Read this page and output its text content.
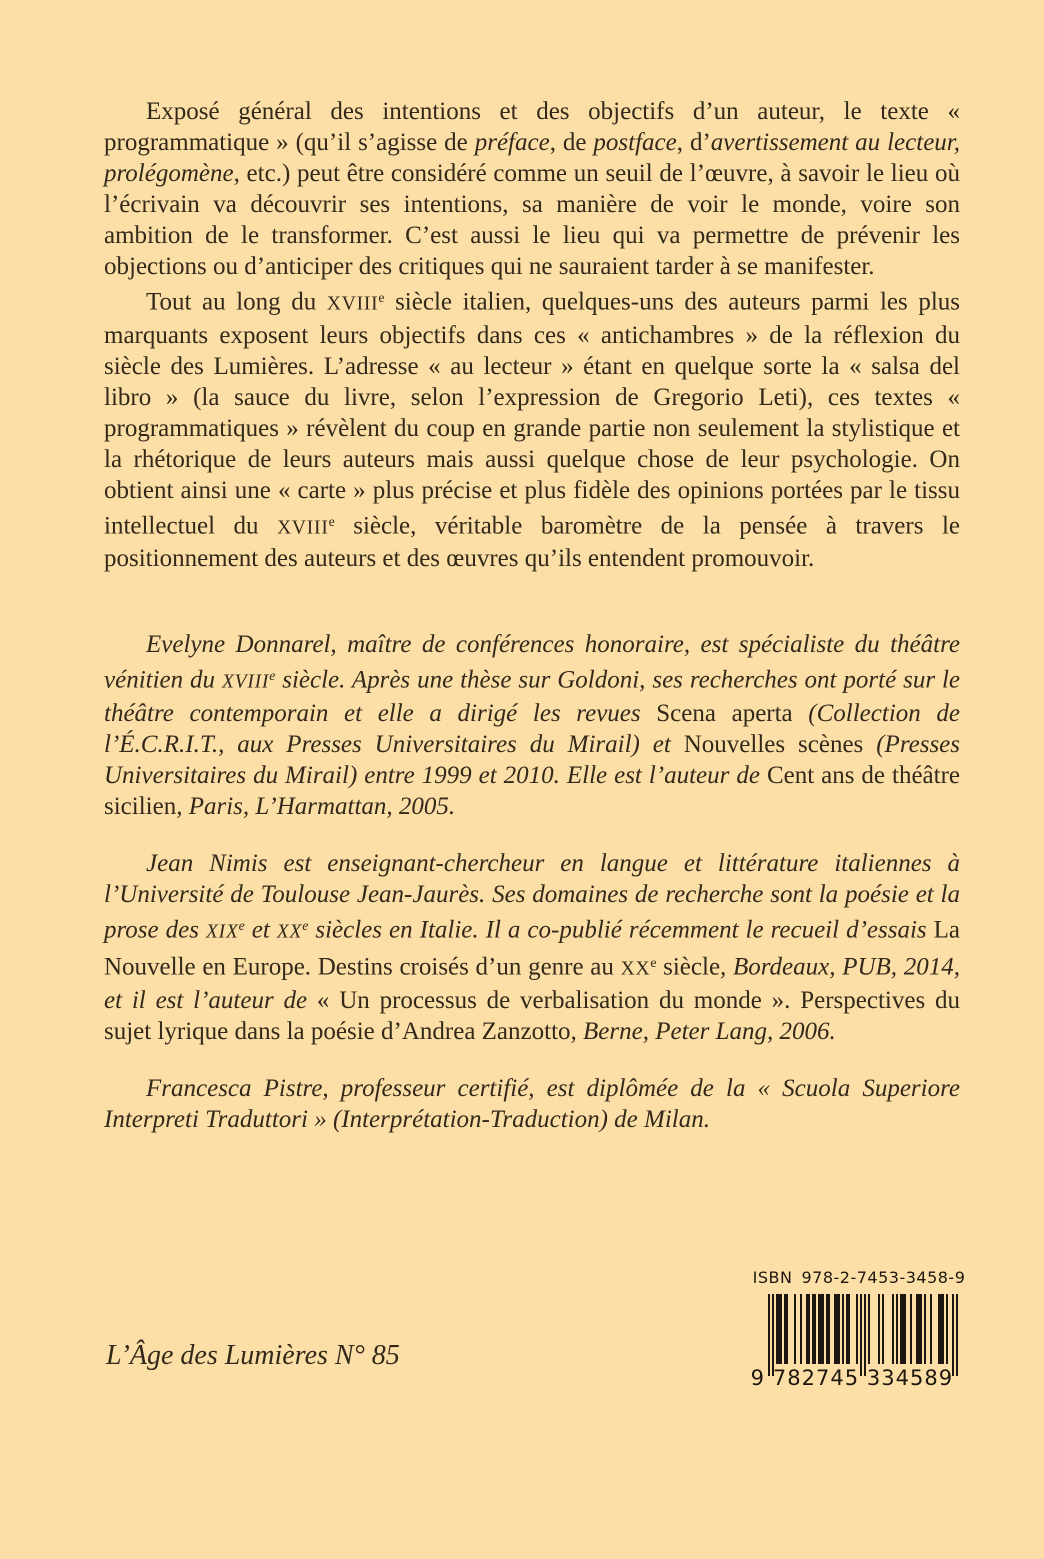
Exposé général des intentions et des objectifs d’un auteur, le texte « programmatique » (qu’il s’agisse de préface, de postface, d’avertissement au lecteur, prolégomène, etc.) peut être considéré comme un seuil de l’œuvre, à savoir le lieu où l’écrivain va découvrir ses intentions, sa manière de voir le monde, voire son ambition de le transformer. C’est aussi le lieu qui va permettre de prévenir les objections ou d’anticiper des critiques qui ne sauraient tarder à se manifester.

Tout au long du XVIIIe siècle italien, quelques-uns des auteurs parmi les plus marquants exposent leurs objectifs dans ces « antichambres » de la réflexion du siècle des Lumières. L’adresse « au lecteur » étant en quelque sorte la « salsa del libro » (la sauce du livre, selon l’expression de Gregorio Leti), ces textes « programmatiques » révèlent du coup en grande partie non seulement la stylistique et la rhétorique de leurs auteurs mais aussi quelque chose de leur psychologie. On obtient ainsi une « carte » plus précise et plus fidèle des opinions portées par le tissu intellectuel du XVIIIe siècle, véritable baromètre de la pensée à travers le positionnement des auteurs et des œuvres qu’ils entendent promouvoir.

Evelyne Donnarel, maître de conférences honoraire, est spécialiste du théâtre vénitien du XVIIIe siècle. Après une thèse sur Goldoni, ses recherches ont porté sur le théâtre contemporain et elle a dirigé les revues Scena aperta (Collection de l’É.C.R.I.T., aux Presses Universitaires du Mirail) et Nouvelles scènes (Presses Universitaires du Mirail) entre 1999 et 2010. Elle est l’auteur de Cent ans de théâtre sicilien, Paris, L’Harmattan, 2005.

Jean Nimis est enseignant-chercheur en langue et littérature italiennes à l’Université de Toulouse Jean-Jaurès. Ses domaines de recherche sont la poésie et la prose des XIXe et XXe siècles en Italie. Il a co-publié récemment le recueil d’essais La Nouvelle en Europe. Destins croisés d’un genre au XXe siècle, Bordeaux, PUB, 2014, et il est l’auteur de « Un processus de verbalisation du monde ». Perspectives du sujet lyrique dans la poésie d’Andrea Zanzotto, Berne, Peter Lang, 2006.

Francesca Pistre, professeur certifié, est diplômée de la « Scuola Superiore Interpreti Traduttori » (Interprétation-Traduction) de Milan.

L’Âge des Lumières N° 85
ISBN 978-2-7453-3458-9
9 782745 334589
